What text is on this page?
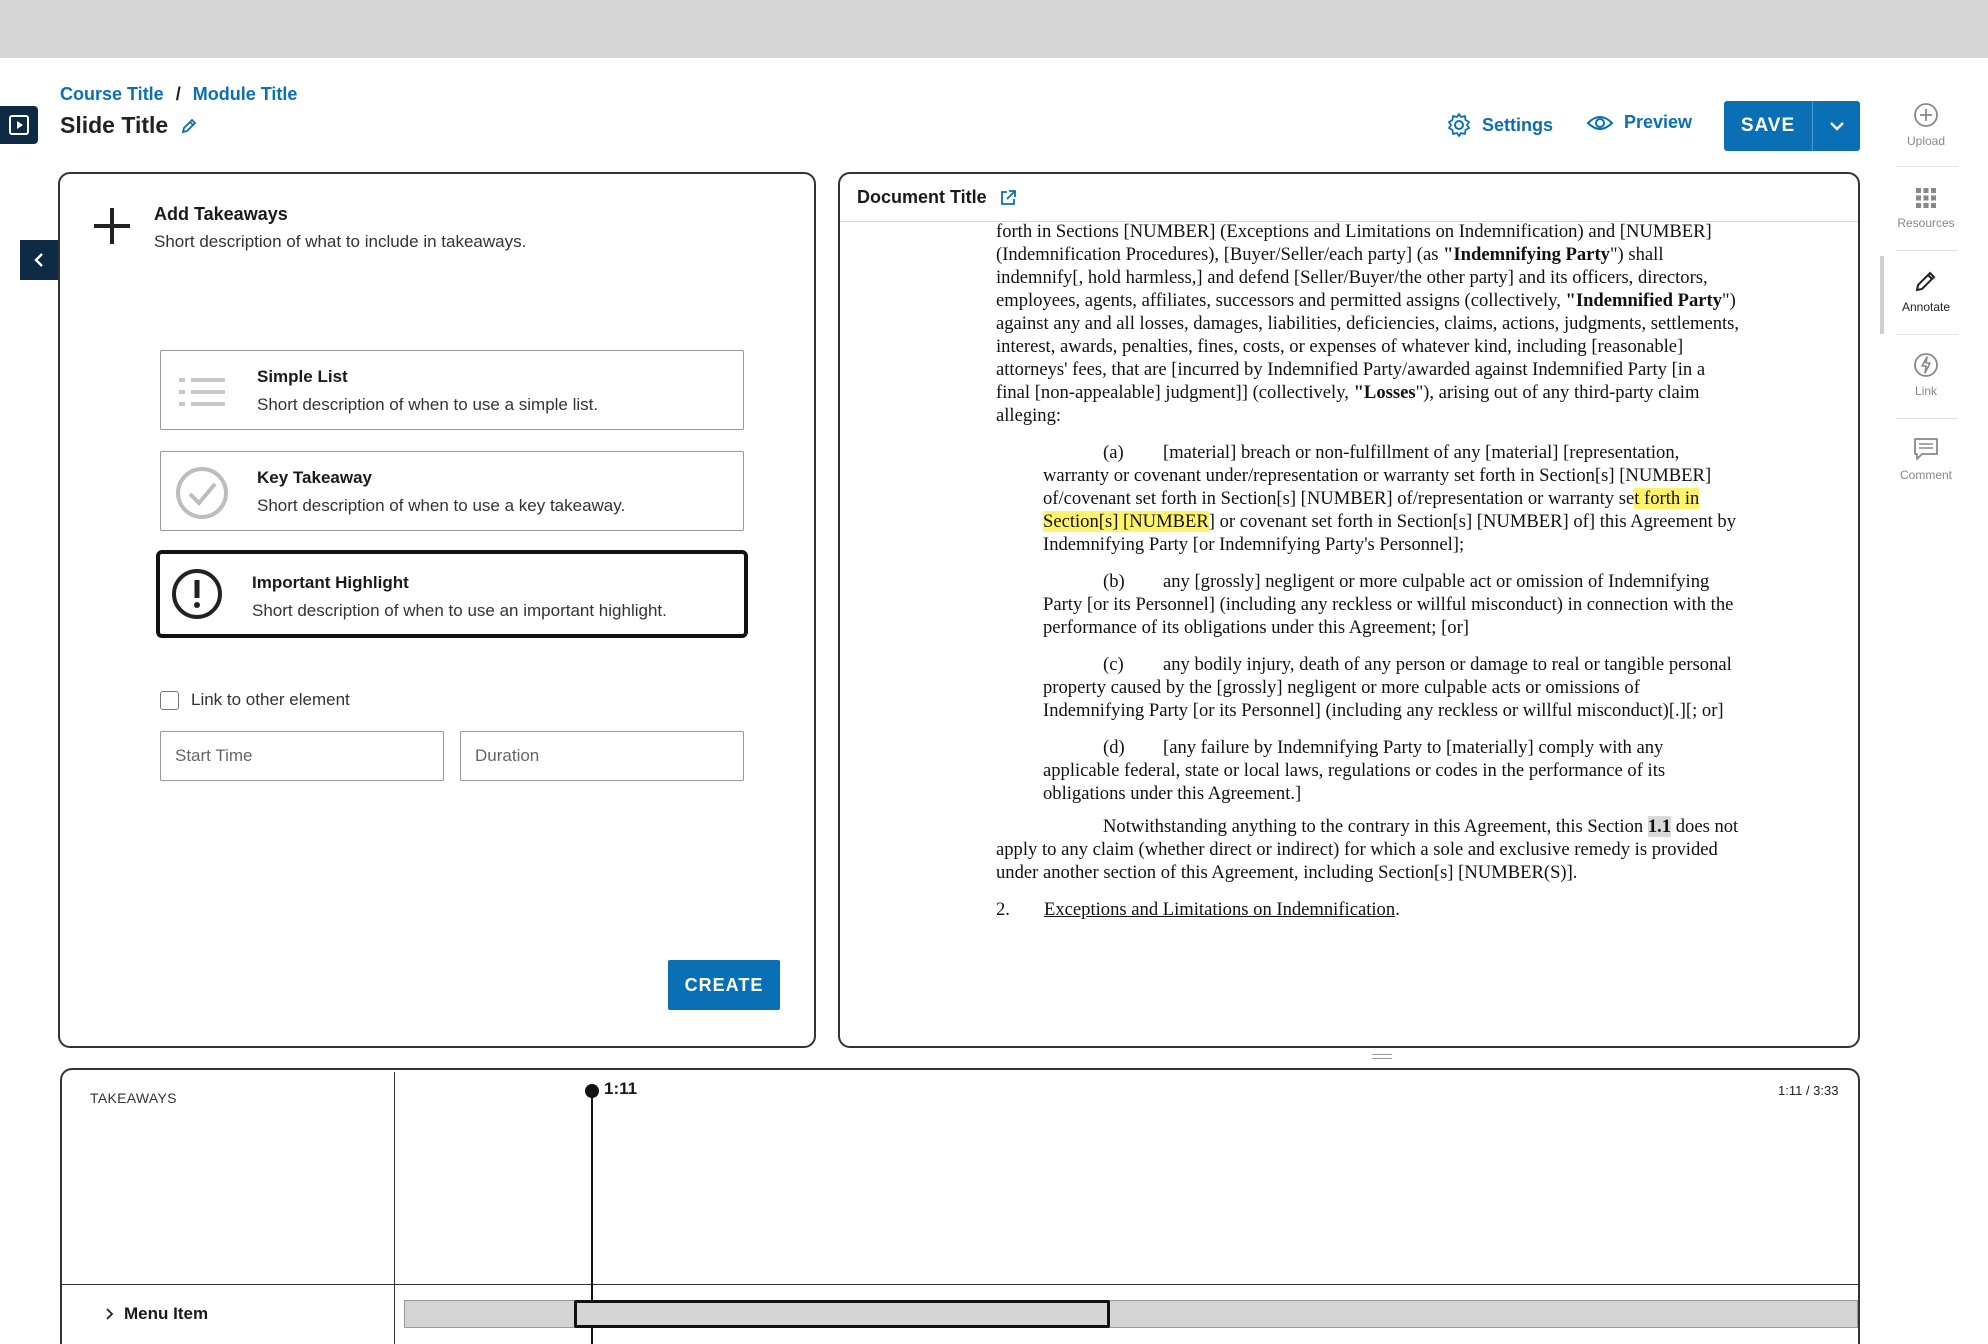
Course Title / Module Title
Slide Title	Settings	Preview	SAVE
Upload
Resources
Annotate
Link
Comment
Add Takeaways
Short description of what to include in takeaways.
Simple List
Short description of when to use a simple list.
Key Takeaway
Short description of when to use a key takeaway.
Important Highlight
Short description of when to use an important highlight.
Link to other element
Start Time
Duration
CREATE
Document Title

forth in Sections [NUMBER] (Exceptions and Limitations on Indemnification) and [NUMBER] (Indemnification Procedures), [Buyer/Seller/each party] (as "Indemnifying Party") shall indemnify[, hold harmless,] and defend [Seller/Buyer/the other party] and its officers, directors, employees, agents, affiliates, successors and permitted assigns (collectively, "Indemnified Party") against any and all losses, damages, liabilities, deficiencies, claims, actions, judgments, settlements, interest, awards, penalties, fines, costs, or expenses of whatever kind, including [reasonable] attorneys' fees, that are [incurred by Indemnified Party/awarded against Indemnified Party [in a final [non-appealable] judgment]] (collectively, "Losses"), arising out of any third-party claim alleging:

(a) [material] breach or non-fulfillment of any [material] [representation, warranty or covenant under/representation or warranty set forth in Section[s] [NUMBER] of/covenant set forth in Section[s] [NUMBER] of/representation or warranty set forth in Section[s] [NUMBER] or covenant set forth in Section[s] [NUMBER] of] this Agreement by Indemnifying Party [or Indemnifying Party's Personnel];

(b) any [grossly] negligent or more culpable act or omission of Indemnifying Party [or its Personnel] (including any reckless or willful misconduct) in connection with the performance of its obligations under this Agreement; [or]

(c) any bodily injury, death of any person or damage to real or tangible personal property caused by the [grossly] negligent or more culpable acts or omissions of Indemnifying Party [or its Personnel] (including any reckless or willful misconduct)[.][; or]

(d) [any failure by Indemnifying Party to [materially] comply with any applicable federal, state or local laws, regulations or codes in the performance of its obligations under this Agreement.]

Notwithstanding anything to the contrary in this Agreement, this Section 1.1 does not apply to any claim (whether direct or indirect) for which a sole and exclusive remedy is provided under another section of this Agreement, including Section[s] [NUMBER(S)].

2. Exceptions and Limitations on Indemnification.

TAKEAWAYS	1:11	1:11 / 3:33
Menu Item
